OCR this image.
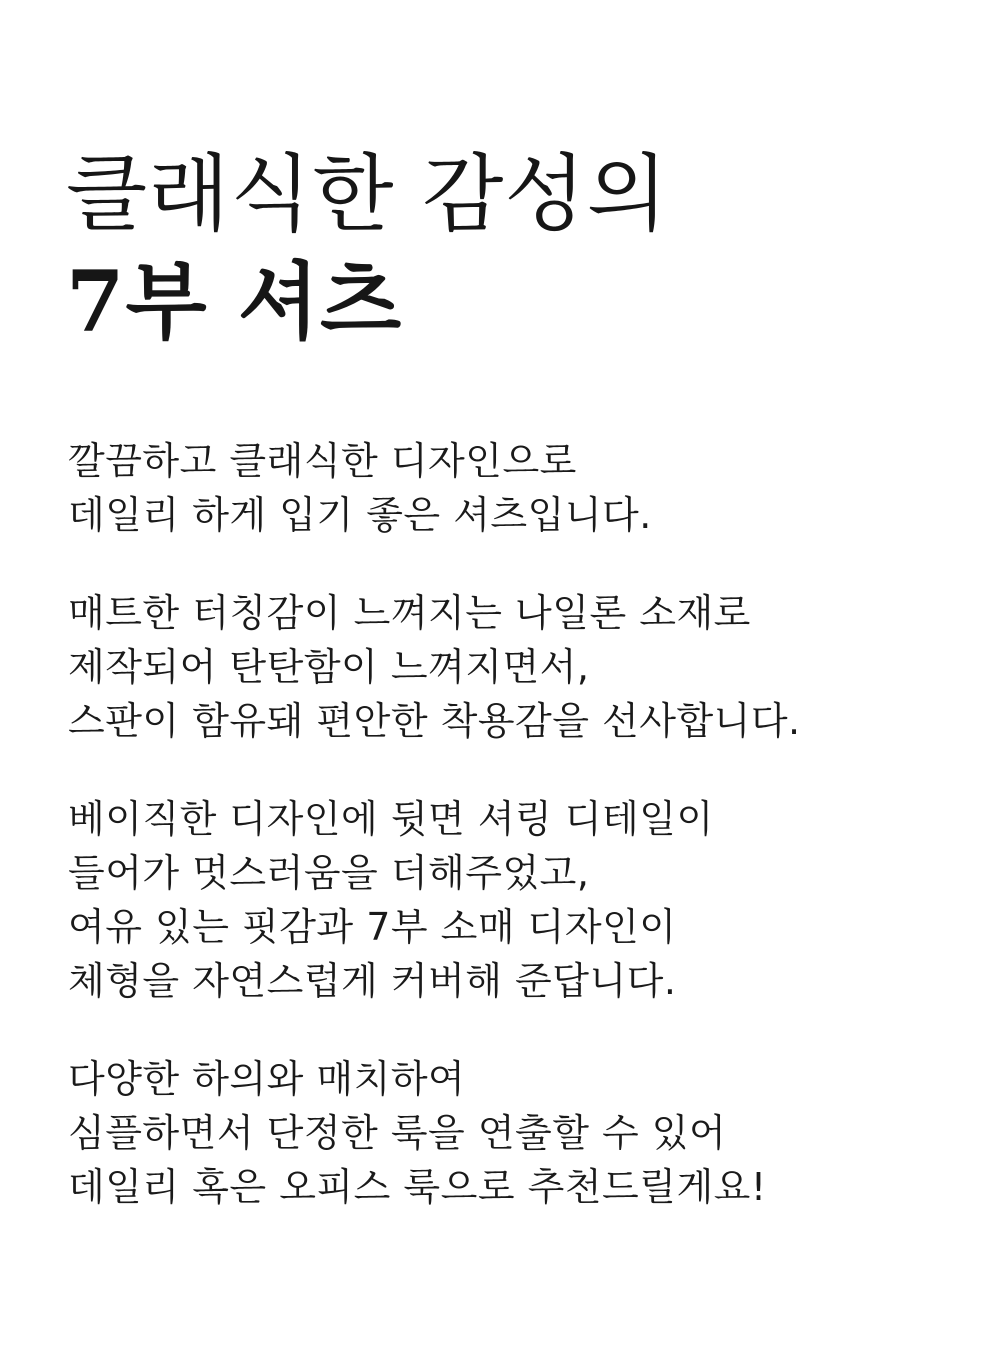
클래식한 감성의
7부 셔츠

깔끔하고 클래식한 디자인으로
데일리 하게 입기 좋은 셔츠입니다.

매트한 터칭감이 느껴지는 나일론 소재로
제작되어 탄탄함이 느껴지면서,
스판이 함유돼 편안한 착용감을 선사합니다.

베이직한 디자인에 뒷면 셔링 디테일이
들어가 멋스러움을 더해주었고,
여유 있는 핏감과 7부 소매 디자인이
체형을 자연스럽게 커버해 준답니다.

다양한 하의와 매치하여
심플하면서 단정한 룩을 연출할 수 있어
데일리 혹은 오피스 룩으로 추천드릴게요!
